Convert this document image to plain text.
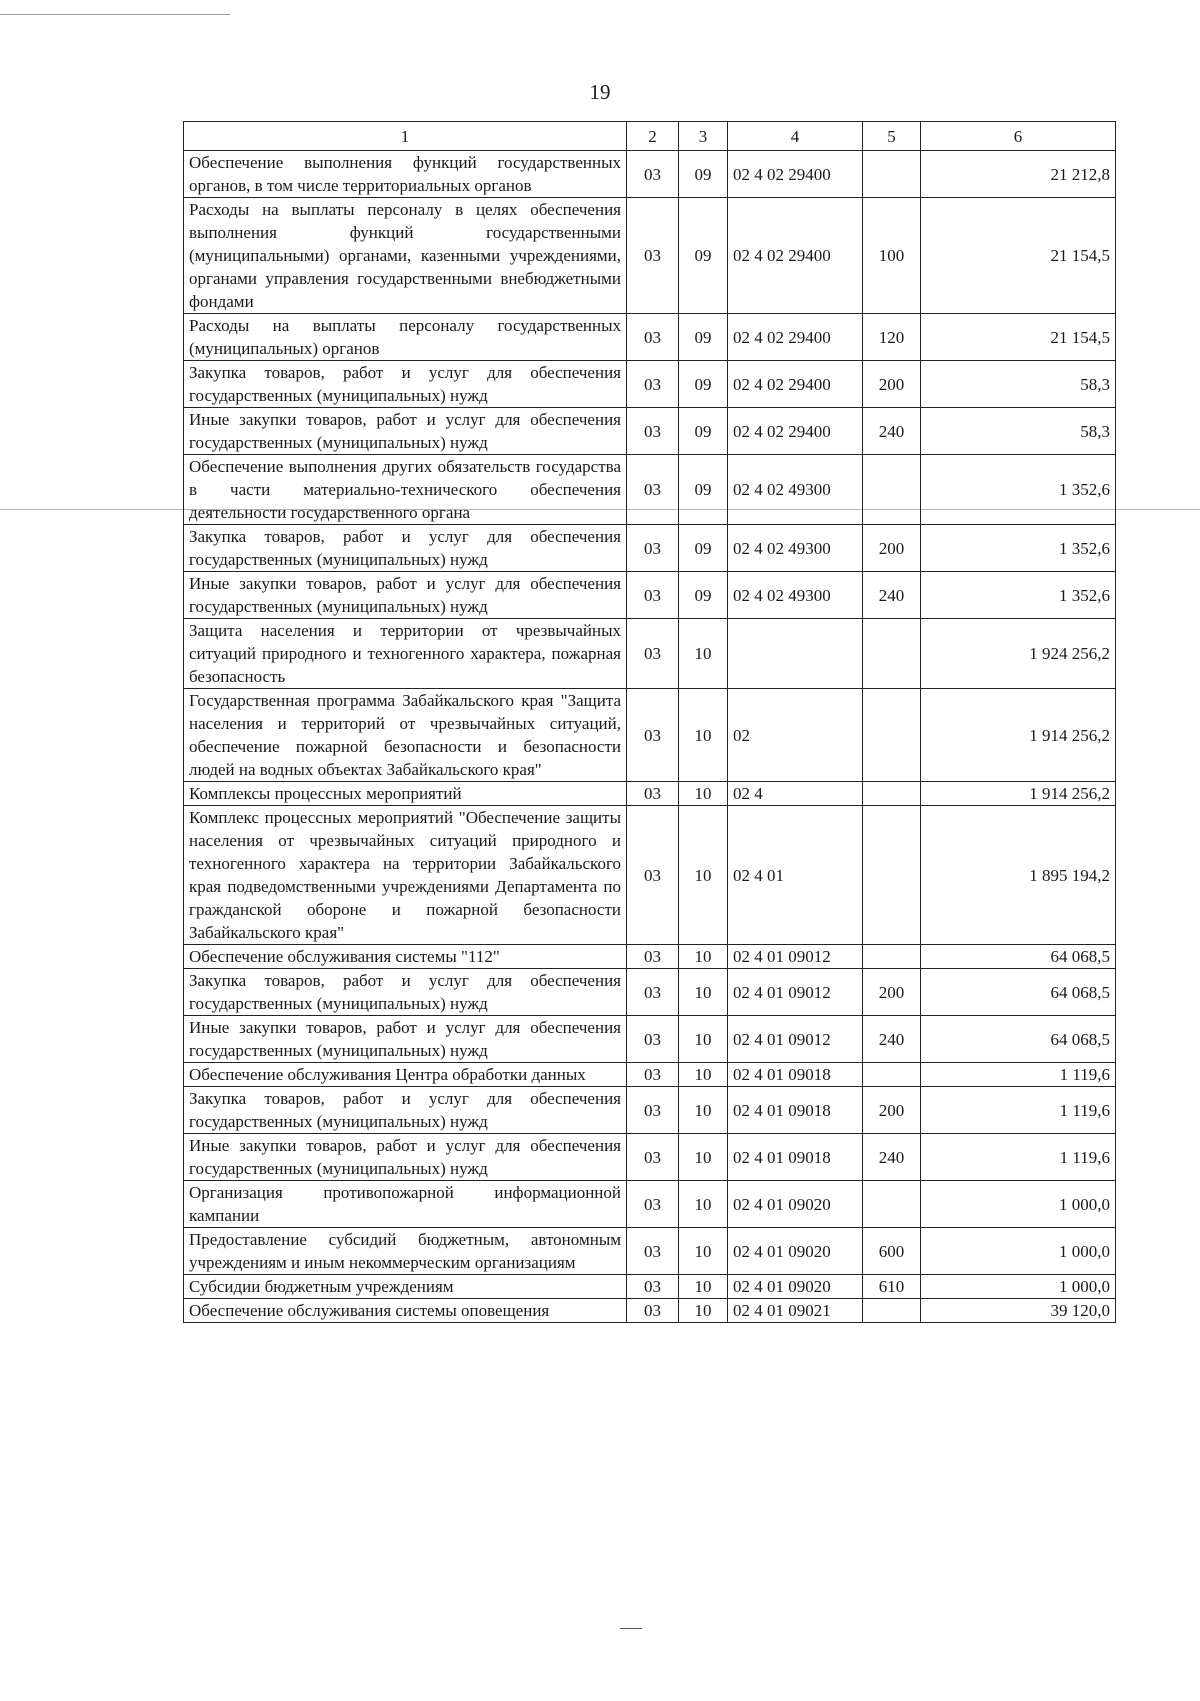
19
1	2	3	4	5	6
Обеспечение выполнения функций государственных органов, в том числе территориальных органов	03	09	02 4 02 29400		21 212,8
Расходы на выплаты персоналу в целях обеспечения выполнения функций государственными (муниципальными) органами, казенными учреждениями, органами управления государственными внебюджетными фондами	03	09	02 4 02 29400	100	21 154,5
Расходы на выплаты персоналу государственных (муниципальных) органов	03	09	02 4 02 29400	120	21 154,5
Закупка товаров, работ и услуг для обеспечения государственных (муниципальных) нужд	03	09	02 4 02 29400	200	58,3
Иные закупки товаров, работ и услуг для обеспечения государственных (муниципальных) нужд	03	09	02 4 02 29400	240	58,3
Обеспечение выполнения других обязательств государства в части материально-технического обеспечения деятельности государственного органа	03	09	02 4 02 49300		1 352,6
Закупка товаров, работ и услуг для обеспечения государственных (муниципальных) нужд	03	09	02 4 02 49300	200	1 352,6
Иные закупки товаров, работ и услуг для обеспечения государственных (муниципальных) нужд	03	09	02 4 02 49300	240	1 352,6
Защита населения и территории от чрезвычайных ситуаций природного и техногенного характера, пожарная безопасность	03	10			1 924 256,2
Государственная программа Забайкальского края "Защита населения и территорий от чрезвычайных ситуаций, обеспечение пожарной безопасности и безопасности людей на водных объектах Забайкальского края"	03	10	02		1 914 256,2
Комплексы процессных мероприятий	03	10	02 4		1 914 256,2
Комплекс процессных мероприятий "Обеспечение защиты населения от чрезвычайных ситуаций природного и техногенного характера на территории Забайкальского края подведомственными учреждениями Департамента по гражданской обороне и пожарной безопасности Забайкальского края"	03	10	02 4 01		1 895 194,2
Обеспечение обслуживания системы "112"	03	10	02 4 01 09012		64 068,5
Закупка товаров, работ и услуг для обеспечения государственных (муниципальных) нужд	03	10	02 4 01 09012	200	64 068,5
Иные закупки товаров, работ и услуг для обеспечения государственных (муниципальных) нужд	03	10	02 4 01 09012	240	64 068,5
Обеспечение обслуживания Центра обработки данных	03	10	02 4 01 09018		1 119,6
Закупка товаров, работ и услуг для обеспечения государственных (муниципальных) нужд	03	10	02 4 01 09018	200	1 119,6
Иные закупки товаров, работ и услуг для обеспечения государственных (муниципальных) нужд	03	10	02 4 01 09018	240	1 119,6
Организация противопожарной информационной кампании	03	10	02 4 01 09020		1 000,0
Предоставление субсидий бюджетным, автономным учреждениям и иным некоммерческим организациям	03	10	02 4 01 09020	600	1 000,0
Субсидии бюджетным учреждениям	03	10	02 4 01 09020	610	1 000,0
Обеспечение обслуживания системы оповещения	03	10	02 4 01 09021		39 120,0
